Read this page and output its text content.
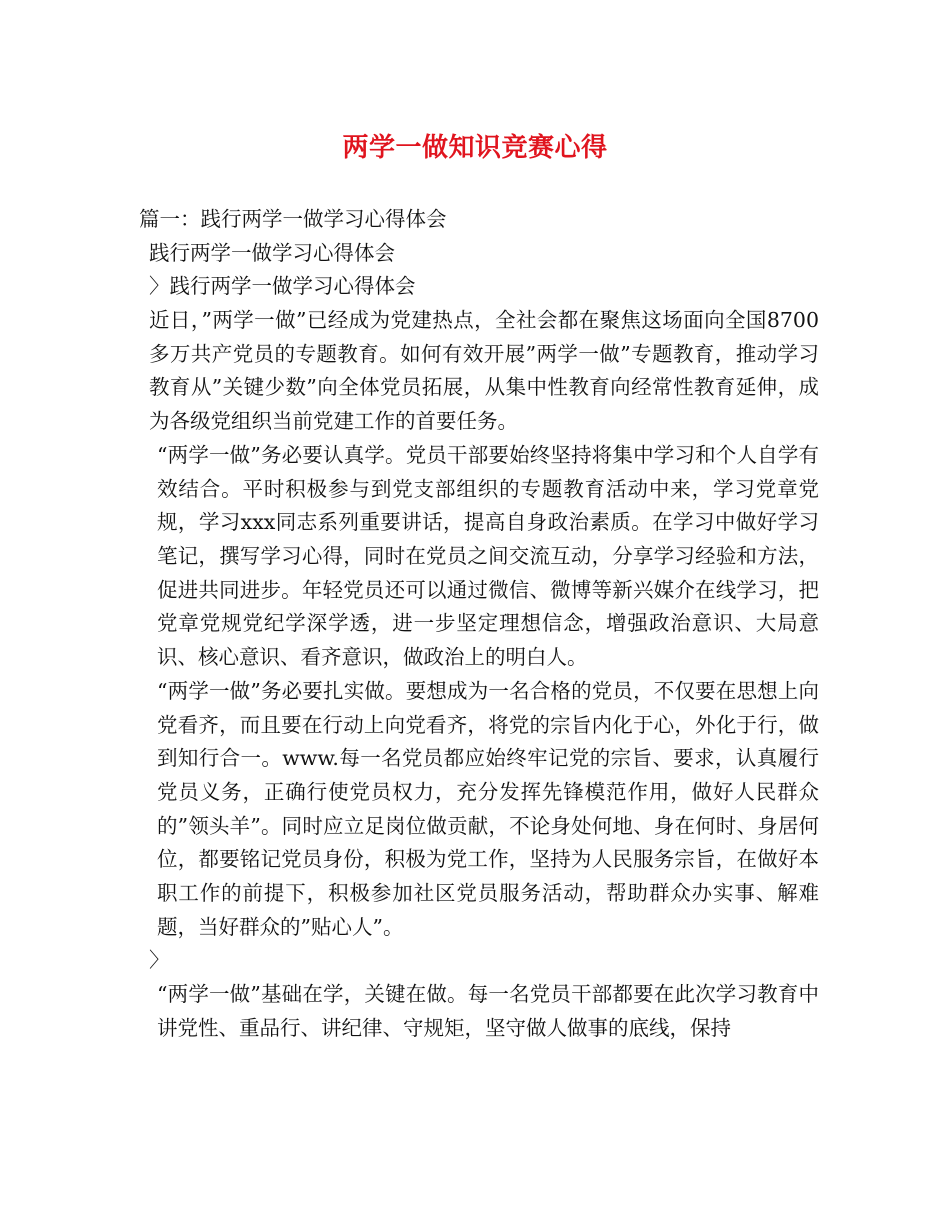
两学一做知识竞赛心得
篇一：践行两学一做学习心得体会
践行两学一做学习心得体会
〉践行两学一做学习心得体会
近日，”两学一做”已经成为党建热点，全社会都在聚焦这场面向全国8700多万共产党员的专题教育。如何有效开展”两学一做”专题教育，推动学习教育从”关键少数”向全体党员拓展，从集中性教育向经常性教育延伸，成为各级党组织当前党建工作的首要任务。
“两学一做”务必要认真学。党员干部要始终坚持将集中学习和个人自学有效结合。平时积极参与到党支部组织的专题教育活动中来，学习党章党规，学习xxx同志系列重要讲话，提高自身政治素质。在学习中做好学习笔记，撰写学习心得，同时在党员之间交流互动，分享学习经验和方法，促进共同进步。年轻党员还可以通过微信、微博等新兴媒介在线学习，把党章党规党纪学深学透，进一步坚定理想信念，增强政治意识、大局意识、核心意识、看齐意识，做政治上的明白人。
“两学一做”务必要扎实做。要想成为一名合格的党员，不仅要在思想上向党看齐，而且要在行动上向党看齐，将党的宗旨内化于心，外化于行，做到知行合一。www.每一名党员都应始终牢记党的宗旨、要求，认真履行党员义务，正确行使党员权力，充分发挥先锋模范作用，做好人民群众的”领头羊”。同时应立足岗位做贡献，不论身处何地、身在何时、身居何位，都要铭记党员身份，积极为党工作，坚持为人民服务宗旨，在做好本职工作的前提下，积极参加社区党员服务活动，帮助群众办实事、解难题，当好群众的”贴心人”。
〉
“两学一做”基础在学，关键在做。每一名党员干部都要在此次学习教育中讲党性、重品行、讲纪律、守规矩，坚守做人做事的底线，保持
